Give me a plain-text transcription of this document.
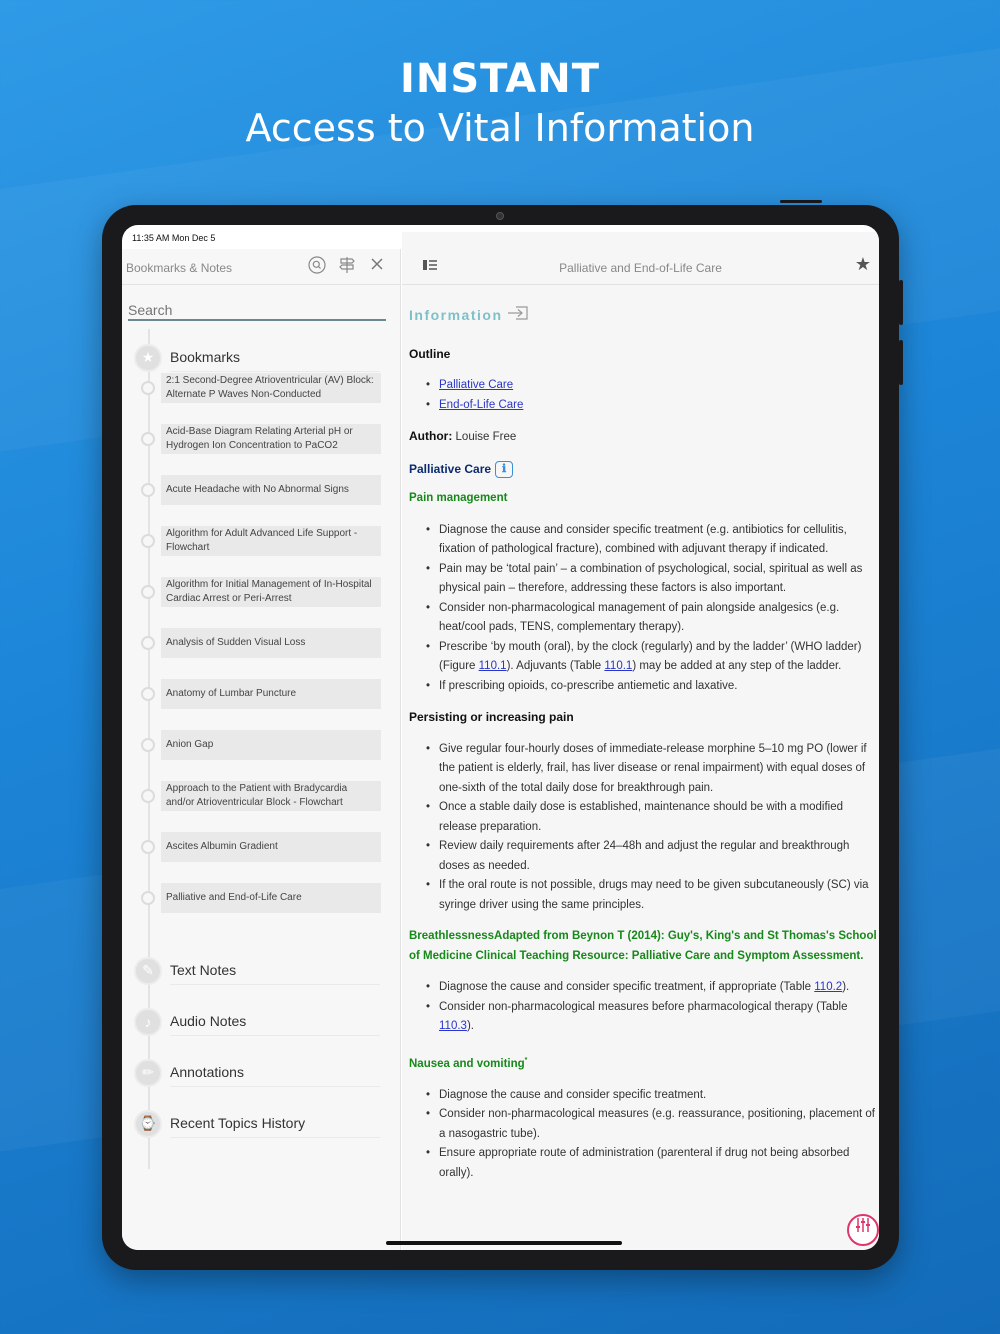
INSTANT
Access to Vital Information
11:35 AM Mon Dec 5
Bookmarks & Notes
Search
★	Bookmarks
2:1 Second-Degree Atrioventricular (AV) Block: Alternate P Waves Non-Conducted
Acid-Base Diagram Relating Arterial pH or Hydrogen Ion Concentration to PaCO2
Acute Headache with No Abnormal Signs
Algorithm for Adult Advanced Life Support - Flowchart
Algorithm for Initial Management of In-Hospital Cardiac Arrest or Peri-Arrest
Analysis of Sudden Visual Loss
Anatomy of Lumbar Puncture
Anion Gap
Approach to the Patient with Bradycardia and/or Atrioventricular Block - Flowchart
Ascites Albumin Gradient
Palliative and End-of-Life Care
✎	Text Notes
♪	Audio Notes
✏	Annotations
⌚ Recent Topics History
Palliative and End-of-Life Care	★
Information
Outline
• Palliative Care
• End-of-Life Care
Author: Louise Free
Palliative Care ℹ
Pain management
• Diagnose the cause and consider specific treatment (e.g. antibiotics for cellulitis, fixation of pathological fracture), combined with adjuvant therapy if indicated.
• Pain may be ‘total pain’ – a combination of psychological, social, spiritual as well as physical pain – therefore, addressing these factors is also important.
• Consider non-pharmacological management of pain alongside analgesics (e.g. heat/cool pads, TENS, complementary therapy).
• Prescribe ‘by mouth (oral), by the clock (regularly) and by the ladder’ (WHO ladder) (Figure 110.1). Adjuvants (Table 110.1) may be added at any step of the ladder.
• If prescribing opioids, co-prescribe antiemetic and laxative.
Persisting or increasing pain
• Give regular four-hourly doses of immediate-release morphine 5–10 mg PO (lower if the patient is elderly, frail, has liver disease or renal impairment) with equal doses of one-sixth of the total daily dose for breakthrough pain.
• Once a stable daily dose is established, maintenance should be with a modified release preparation.
• Review daily requirements after 24–48h and adjust the regular and breakthrough doses as needed.
• If the oral route is not possible, drugs may need to be given subcutaneously (SC) via syringe driver using the same principles.
BreathlessnessAdapted from Beynon T (2014): Guy's, King's and St Thomas's School of Medicine Clinical Teaching Resource: Palliative Care and Symptom Assessment.
• Diagnose the cause and consider specific treatment, if appropriate (Table 110.2).
• Consider non-pharmacological measures before pharmacological therapy (Table 110.3).
Nausea and vomiting*
• Diagnose the cause and consider specific treatment.
• Consider non-pharmacological measures (e.g. reassurance, positioning, placement of a nasogastric tube).
• Ensure appropriate route of administration (parenteral if drug not being absorbed orally).
